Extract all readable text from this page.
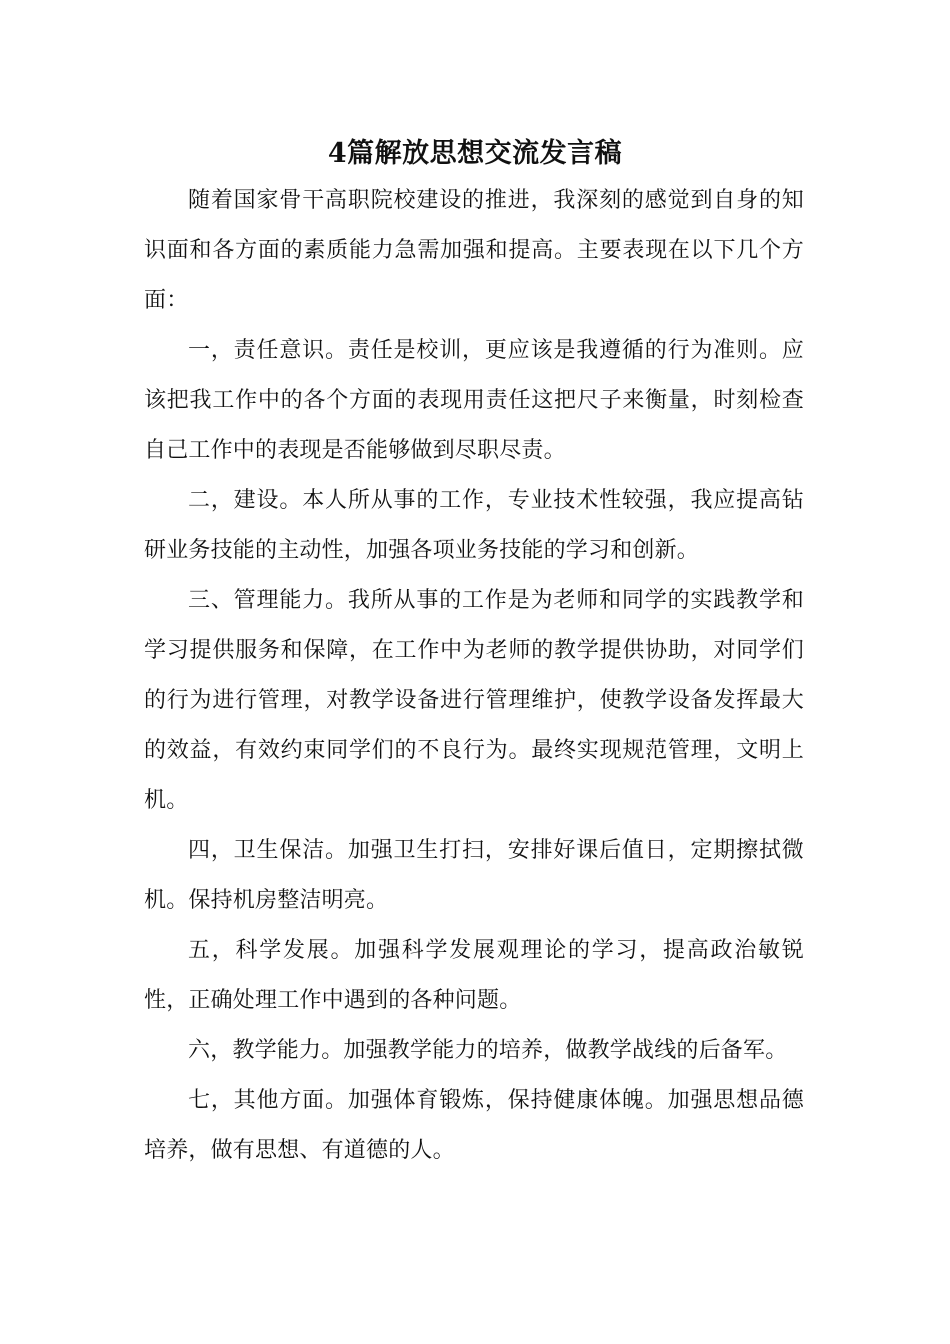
4篇解放思想交流发言稿

随着国家骨干高职院校建设的推进，我深刻的感觉到自身的知识面和各方面的素质能力急需加强和提高。主要表现在以下几个方面：

一，责任意识。责任是校训，更应该是我遵循的行为准则。应该把我工作中的各个方面的表现用责任这把尺子来衡量，时刻检查自己工作中的表现是否能够做到尽职尽责。

二，建设。本人所从事的工作，专业技术性较强，我应提高钻研业务技能的主动性，加强各项业务技能的学习和创新。

三、管理能力。我所从事的工作是为老师和同学的实践教学和学习提供服务和保障，在工作中为老师的教学提供协助，对同学们的行为进行管理，对教学设备进行管理维护，使教学设备发挥最大的效益，有效约束同学们的不良行为。最终实现规范管理，文明上机。

四，卫生保洁。加强卫生打扫，安排好课后值日，定期擦拭微机。保持机房整洁明亮。

五，科学发展。加强科学发展观理论的学习，提高政治敏锐性，正确处理工作中遇到的各种问题。

六，教学能力。加强教学能力的培养，做教学战线的后备军。

七，其他方面。加强体育锻炼，保持健康体魄。加强思想品德培养，做有思想、有道德的人。
